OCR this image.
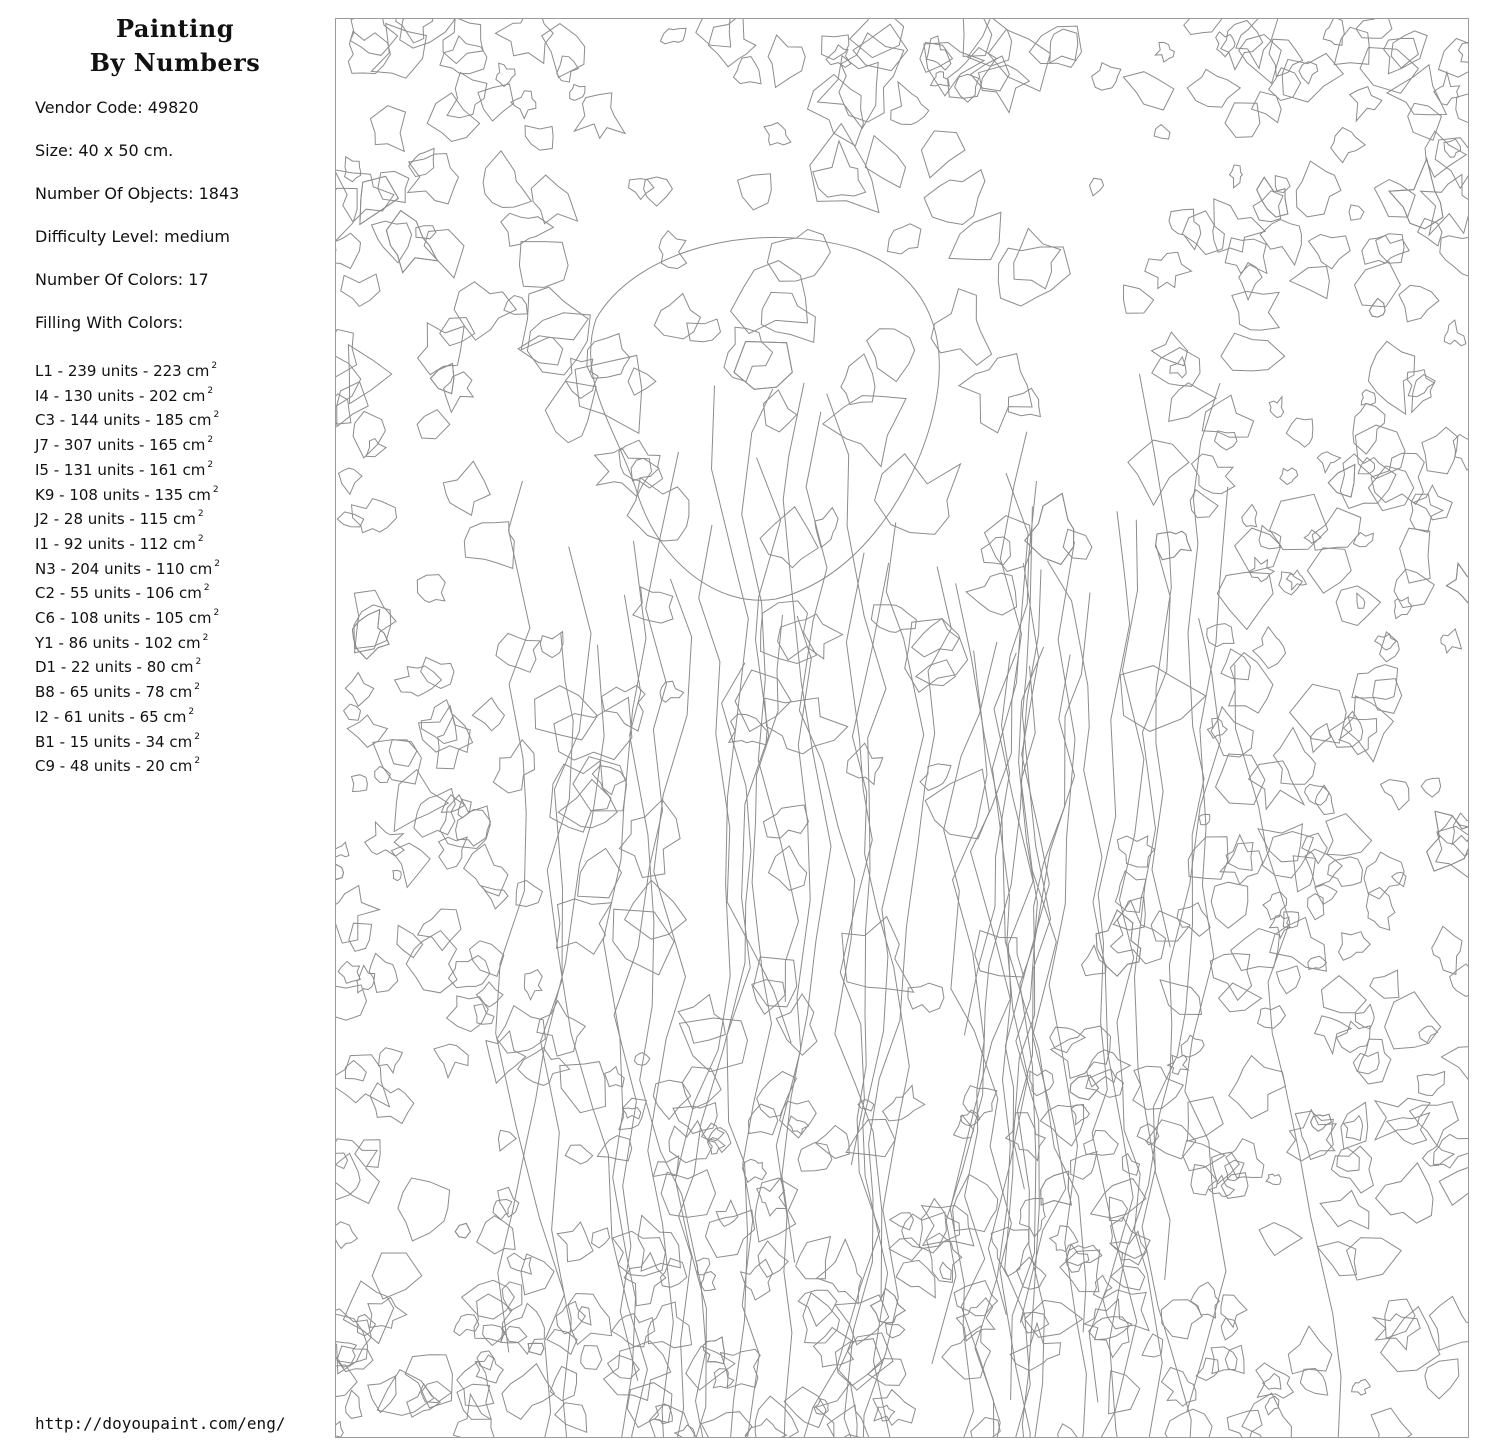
Painting
By Numbers
Vendor Code: 49820
Size: 40 x 50 cm.
Number Of Objects: 1843
Difficulty Level: medium
Number Of Colors: 17
Filling With Colors:
L1 - 239 units - 223 cm $^2$
I4 - 130 units - 202 cm $^2$
C3 - 144 units - 185 cm $^2$
J7 - 307 units - 165 cm $^2$
I5 - 131 units - 161 cm $^2$
K9 - 108 units - 135 cm $^2$
J2 - 28 units - 115 cm $^2$
I1 - 92 units - 112 cm $^2$
N3 - 204 units - 110 cm $^2$
C2 - 55 units - 106 cm $^2$
C6 - 108 units - 105 cm $^2$
Y1 - 86 units - 102 cm $^2$
D1 - 22 units - 80 cm $^2$
B8 - 65 units - 78 cm $^2$
I2 - 61 units - 65 cm $^2$
B1 - 15 units - 34 cm $^2$
C9 - 48 units - 20 cm $^2$
http://doyoupaint.com/eng/
